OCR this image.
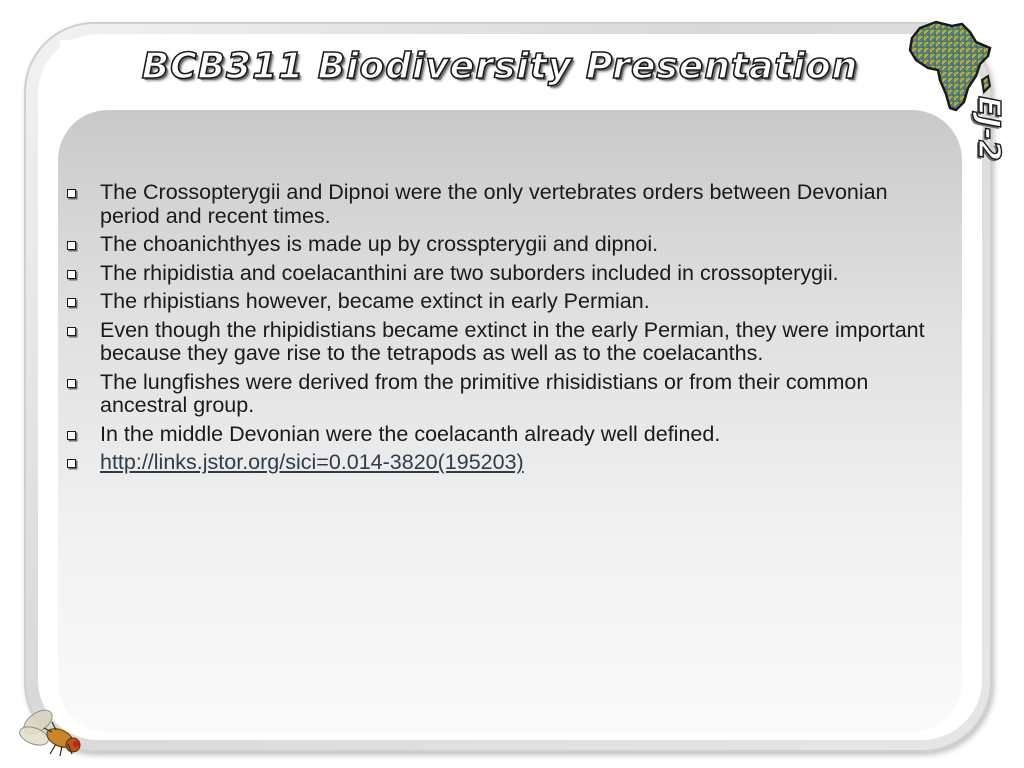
BCB311 Biodiversity Presentation
EJ-2
The Crossopterygii and Dipnoi were the only vertebrates orders between Devonian period and recent times.
The choanichthyes is made up by crosspterygii and dipnoi.
The rhipidistia and coelacanthini are two suborders included in crossopterygii.
The rhipistians however, became extinct in early Permian.
Even though the rhipidistians became extinct in the early Permian, they were important because they gave rise to the tetrapods as well as to the coelacanths.
The lungfishes were derived from the primitive rhisidistians or from their common ancestral group.
In the middle Devonian were the coelacanth already well defined.
http://links.jstor.org/sici=0.014-3820(195203)
